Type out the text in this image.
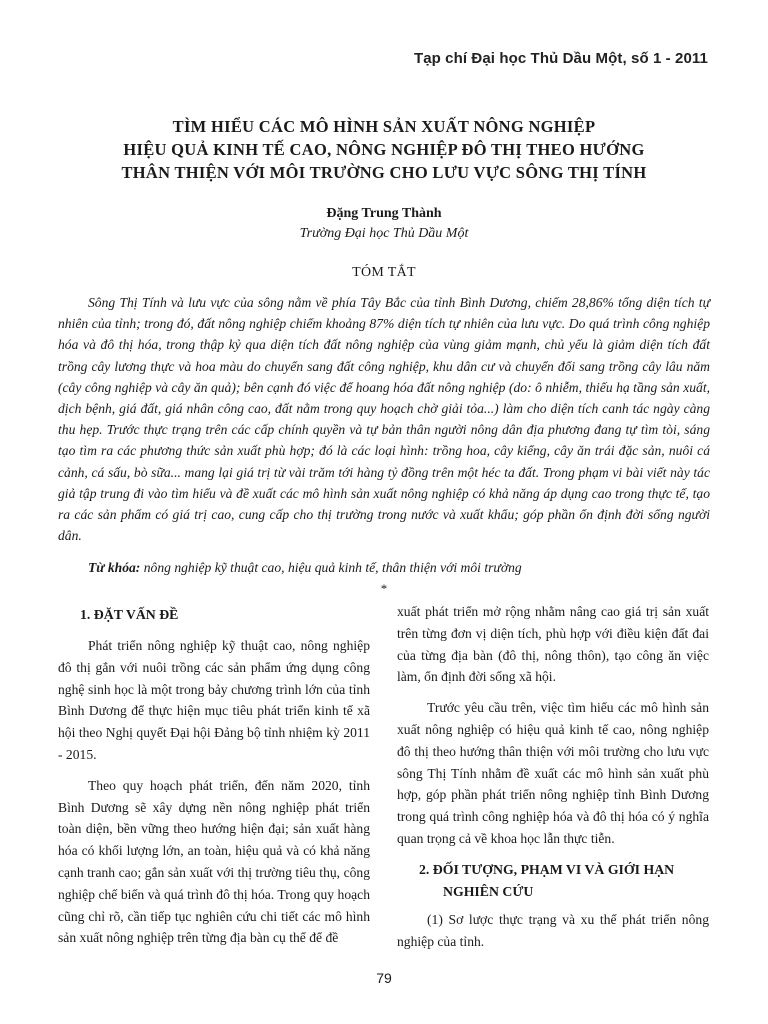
Tạp chí Đại học Thủ Dầu Một, số 1 - 2011
TÌM HIỂU CÁC MÔ HÌNH SẢN XUẤT NÔNG NGHIỆP
HIỆU QUẢ KINH TẾ CAO, NÔNG NGHIỆP ĐÔ THỊ THEO HƯỚNG
THÂN THIỆN VỚI MÔI TRƯỜNG CHO LƯU VỰC SÔNG THỊ TÍNH
Đặng Trung Thành
Trường Đại học Thủ Dầu Một
TÓM TẮT

Sông Thị Tính và lưu vực của sông nằm về phía Tây Bắc của tỉnh Bình Dương, chiếm 28,86% tổng diện tích tự nhiên của tỉnh; trong đó, đất nông nghiệp chiếm khoảng 87% diện tích tự nhiên của lưu vực. Do quá trình công nghiệp hóa và đô thị hóa, trong thập kỷ qua diện tích đất nông nghiệp của vùng giảm mạnh, chủ yếu là giảm diện tích đất trồng cây lương thực và hoa màu do chuyển sang đất công nghiệp, khu dân cư và chuyển đổi sang trồng cây lâu năm (cây công nghiệp và cây ăn quả); bên cạnh đó việc để hoang hóa đất nông nghiệp (do: ô nhiễm, thiếu hạ tầng sản xuất, dịch bệnh, giá đất, giá nhân công cao, đất nằm trong quy hoạch chờ giải tỏa...) làm cho diện tích canh tác ngày càng thu hẹp. Trước thực trạng trên các cấp chính quyền và tự bản thân người nông dân địa phương đang tự tìm tòi, sáng tạo tìm ra các phương thức sản xuất phù hợp; đó là các loại hình: trồng hoa, cây kiểng, cây ăn trái đặc sản, nuôi cá cảnh, cá sấu, bò sữa... mang lại giá trị từ vài trăm tới hàng tỷ đồng trên một héc ta đất. Trong phạm vi bài viết này tác giả tập trung đi vào tìm hiểu và đề xuất các mô hình sản xuất nông nghiệp có khả năng áp dụng cao trong thực tế, tạo ra các sản phẩm có giá trị cao, cung cấp cho thị trường trong nước và xuất khẩu; góp phần ổn định đời sống người dân.

Từ khóa: nông nghiệp kỹ thuật cao, hiệu quả kinh tế, thân thiện với môi trường

*
1. ĐẶT VẤN ĐỀ

Phát triển nông nghiệp kỹ thuật cao, nông nghiệp đô thị gắn với nuôi trồng các sản phẩm ứng dụng công nghệ sinh học là một trong bảy chương trình lớn của tỉnh Bình Dương để thực hiện mục tiêu phát triển kinh tế xã hội theo Nghị quyết Đại hội Đảng bộ tỉnh nhiệm kỳ 2011 - 2015.

Theo quy hoạch phát triển, đến năm 2020, tỉnh Bình Dương sẽ xây dựng nền nông nghiệp phát triển toàn diện, bền vững theo hướng hiện đại; sản xuất hàng hóa có khối lượng lớn, an toàn, hiệu quả và có khả năng cạnh tranh cao; gắn sản xuất với thị trường tiêu thụ, công nghiệp chế biến và quá trình đô thị hóa. Trong quy hoạch cũng chỉ rõ, cần tiếp tục nghiên cứu chi tiết các mô hình sản xuất nông nghiệp trên từng địa bàn cụ thể để đề

xuất phát triển mở rộng nhằm nâng cao giá trị sản xuất trên từng đơn vị diện tích, phù hợp với điều kiện đất đai của từng địa bàn (đô thị, nông thôn), tạo công ăn việc làm, ổn định đời sống xã hội.

Trước yêu cầu trên, việc tìm hiểu các mô hình sản xuất nông nghiệp có hiệu quả kinh tế cao, nông nghiệp đô thị theo hướng thân thiện với môi trường cho lưu vực sông Thị Tính nhằm đề xuất các mô hình sản xuất phù hợp, góp phần phát triển nông nghiệp tỉnh Bình Dương trong quá trình công nghiệp hóa và đô thị hóa có ý nghĩa quan trọng cả về khoa học lẫn thực tiễn.

2. ĐỐI TƯỢNG, PHẠM VI VÀ GIỚI HẠN NGHIÊN CỨU

(1) Sơ lược thực trạng và xu thế phát triển nông nghiệp của tỉnh.

79
